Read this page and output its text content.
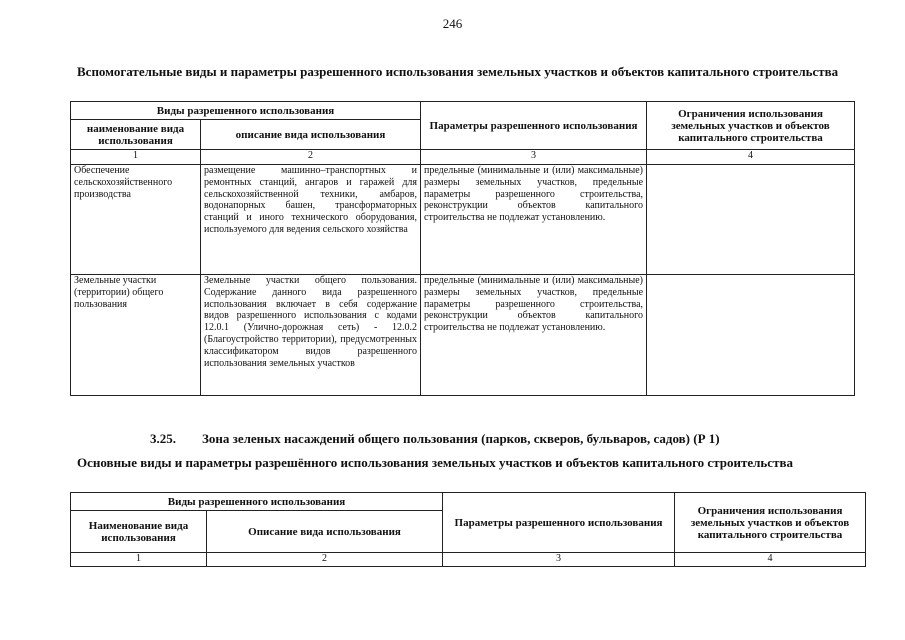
246
Вспомогательные виды и параметры разрешенного использования земельных участков и объектов капитального строительства
Виды разрешенного использования		Параметры разрешенного использования	Ограничения использования земельных участков и объектов капитального строительства
наименование вида использования	описание вида использования		
1	2	3	4
Обеспечение сельскохозяйственного производства	размещение машинно–транспортных и ремонтных станций, ангаров и гаражей для сельскохозяйственной техники, амбаров, водонапорных башен, трансформаторных станций и иного технического оборудования, используемого для ведения сельского хозяйства	предельные (минимальные и (или) максимальные) размеры земельных участков, предельные параметры разрешенного строительства, реконструкции объектов капитального строительства не подлежат установлению.	
Земельные участки (территории) общего пользования	Земельные участки общего пользования. Содержание данного вида разрешенного использования включает в себя содержание видов разрешенного использования с кодами 12.0.1 (Улично-дорожная сеть) - 12.0.2 (Благоустройство территории), предусмотренных классификатором видов разрешенного использования земельных участков	предельные (минимальные и (или) максимальные) размеры земельных участков, предельные параметры разрешенного строительства, реконструкции объектов капитального строительства не подлежат установлению.	
3.25. Зона зеленых насаждений общего пользования (парков, скверов, бульваров, садов) (Р 1)
Основные виды и параметры разрешённого использования земельных участков и объектов капитального строительства
Виды разрешенного использования		Параметры разрешенного использования	Ограничения использования земельных участков и объектов капитального строительства
Наименование вида использования	Описание вида использования		
1	2	3	4
